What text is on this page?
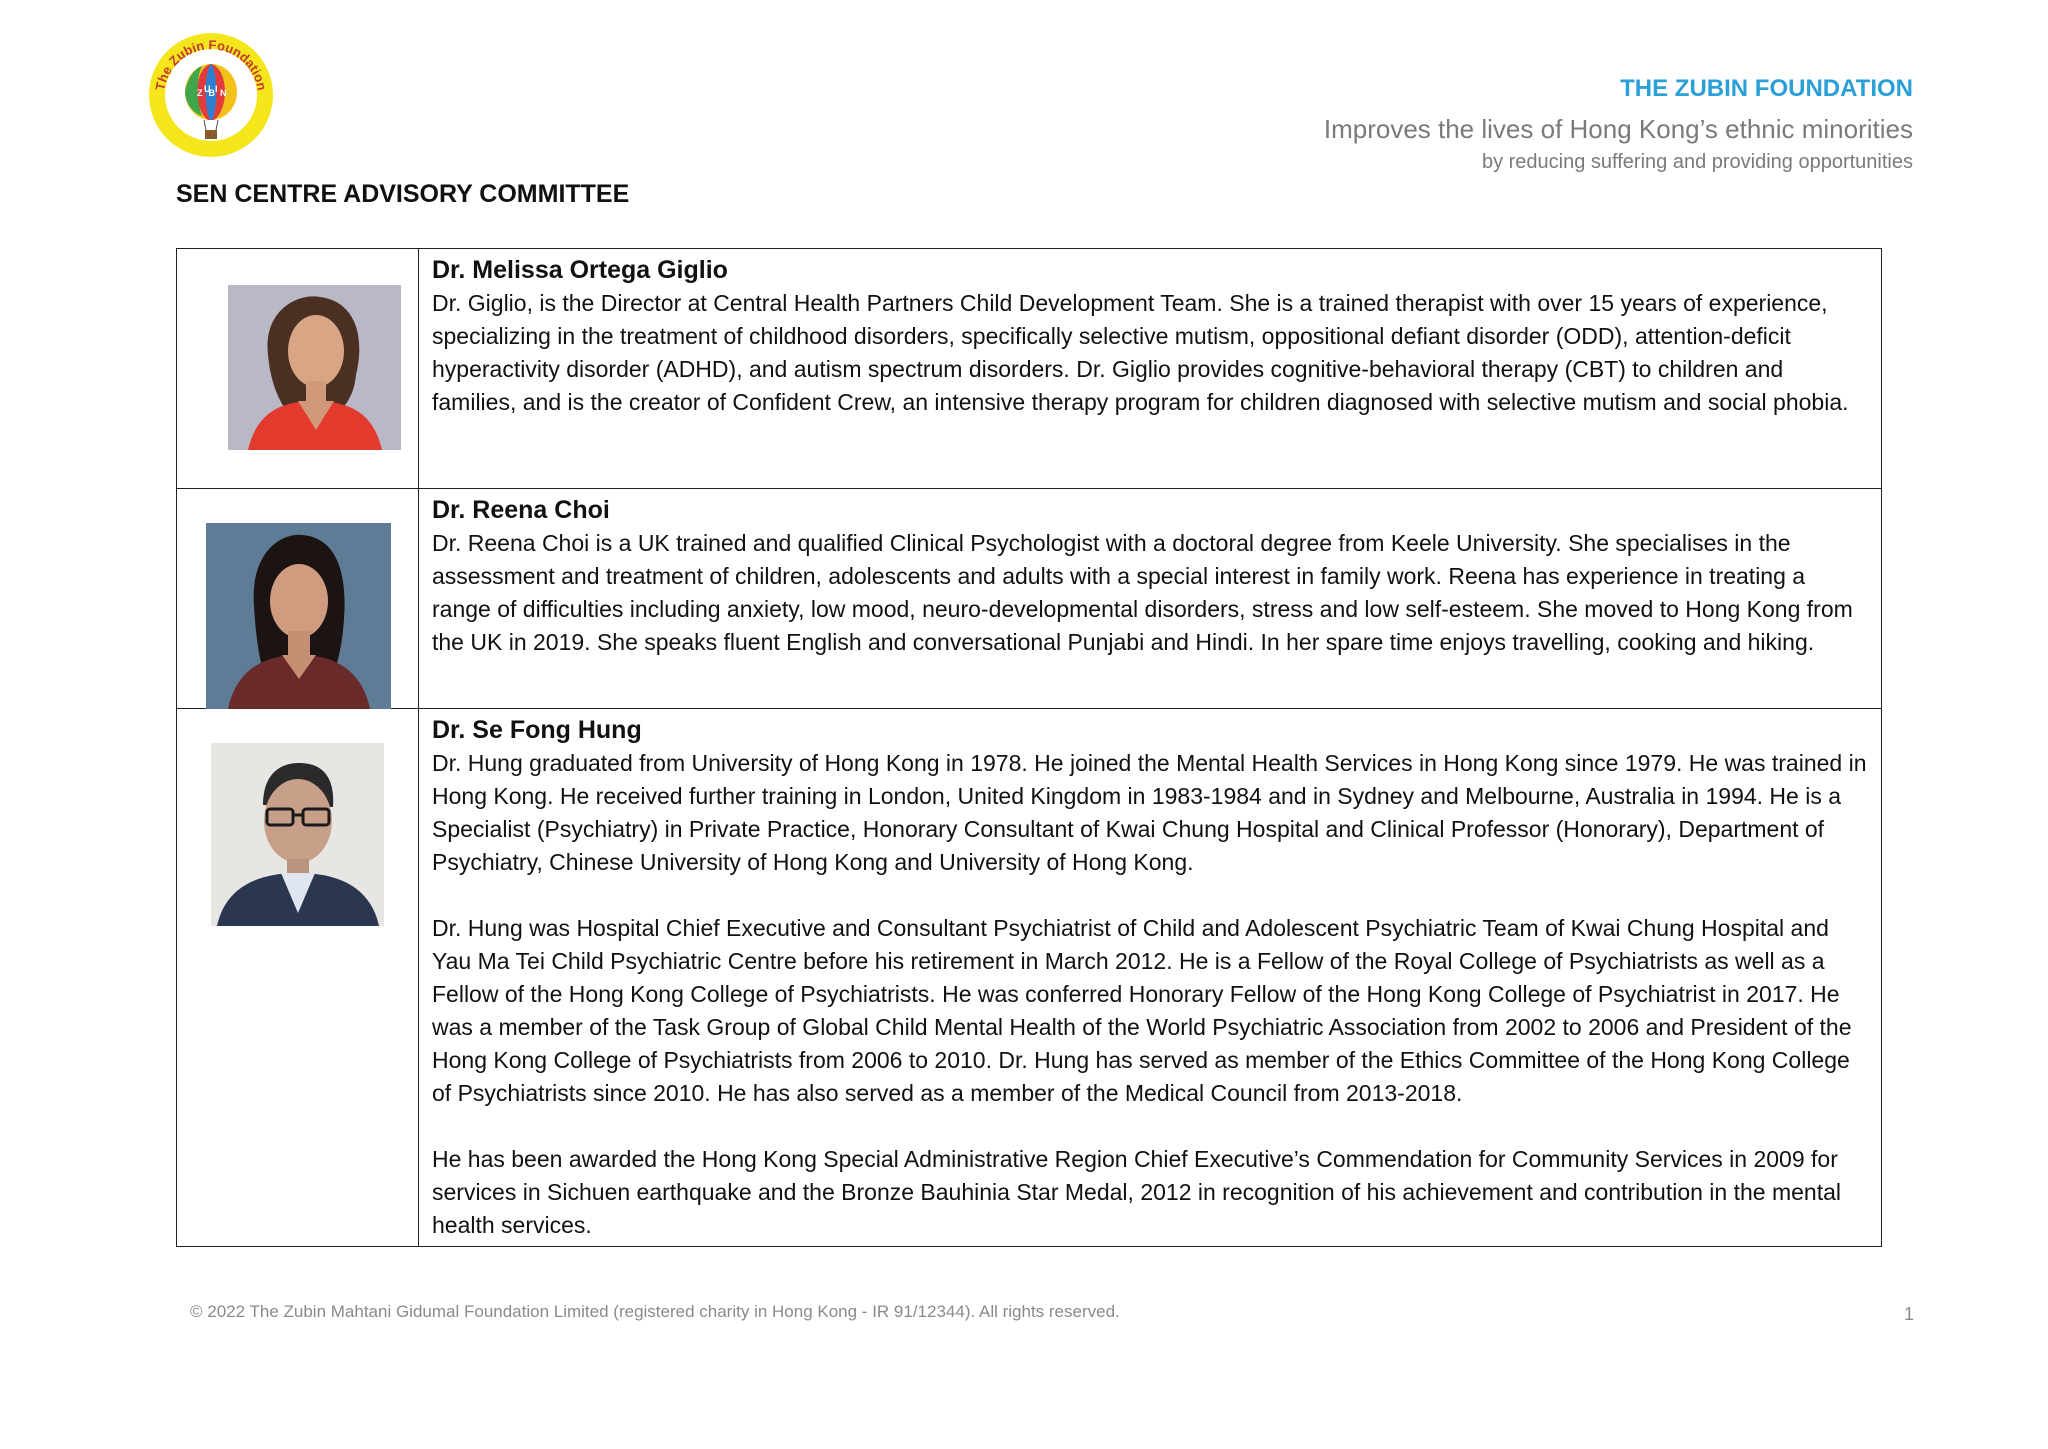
The Zubin Foundation
Z U
B I N	THE ZUBIN FOUNDATION
Improves the lives of Hong Kong’s ethnic minorities
by reducing suffering and providing opportunities
SEN CENTRE ADVISORY COMMITTEE

Dr. Melissa Ortega Giglio

Dr. Giglio, is the Director at Central Health Partners Child Development Team. She is a trained therapist with over 15 years of experience, specializing in the treatment of childhood disorders, specifically selective mutism, oppositional defiant disorder (ODD), attention-deficit hyperactivity disorder (ADHD), and autism spectrum disorders. Dr. Giglio provides cognitive-behavioral therapy (CBT) to children and families, and is the creator of Confident Crew, an intensive therapy program for children diagnosed with selective mutism and social phobia.

Dr. Reena Choi

Dr. Reena Choi is a UK trained and qualified Clinical Psychologist with a doctoral degree from Keele University. She specialises in the assessment and treatment of children, adolescents and adults with a special interest in family work. Reena has experience in treating a range of difficulties including anxiety, low mood, neuro-developmental disorders, stress and low self-esteem. She moved to Hong Kong from the UK in 2019. She speaks fluent English and conversational Punjabi and Hindi. In her spare time enjoys travelling, cooking and hiking.

Dr. Se Fong Hung

Dr. Hung graduated from University of Hong Kong in 1978. He joined the Mental Health Services in Hong Kong since 1979. He was trained in Hong Kong. He received further training in London, United Kingdom in 1983-1984 and in Sydney and Melbourne, Australia in 1994. He is a Specialist (Psychiatry) in Private Practice, Honorary Consultant of Kwai Chung Hospital and Clinical Professor (Honorary), Department of Psychiatry, Chinese University of Hong Kong and University of Hong Kong.

Dr. Hung was Hospital Chief Executive and Consultant Psychiatrist of Child and Adolescent Psychiatric Team of Kwai Chung Hospital and Yau Ma Tei Child Psychiatric Centre before his retirement in March 2012. He is a Fellow of the Royal College of Psychiatrists as well as a Fellow of the Hong Kong College of Psychiatrists. He was conferred Honorary Fellow of the Hong Kong College of Psychiatrist in 2017. He was a member of the Task Group of Global Child Mental Health of the World Psychiatric Association from 2002 to 2006 and President of the Hong Kong College of Psychiatrists from 2006 to 2010. Dr. Hung has served as member of the Ethics Committee of the Hong Kong College of Psychiatrists since 2010. He has also served as a member of the Medical Council from 2013-2018.

He has been awarded the Hong Kong Special Administrative Region Chief Executive’s Commendation for Community Services in 2009 for services in Sichuen earthquake and the Bronze Bauhinia Star Medal, 2012 in recognition of his achievement and contribution in the mental health services.

© 2022 The Zubin Mahtani Gidumal Foundation Limited (registered charity in Hong Kong - IR 91/12344). All rights reserved.	1
